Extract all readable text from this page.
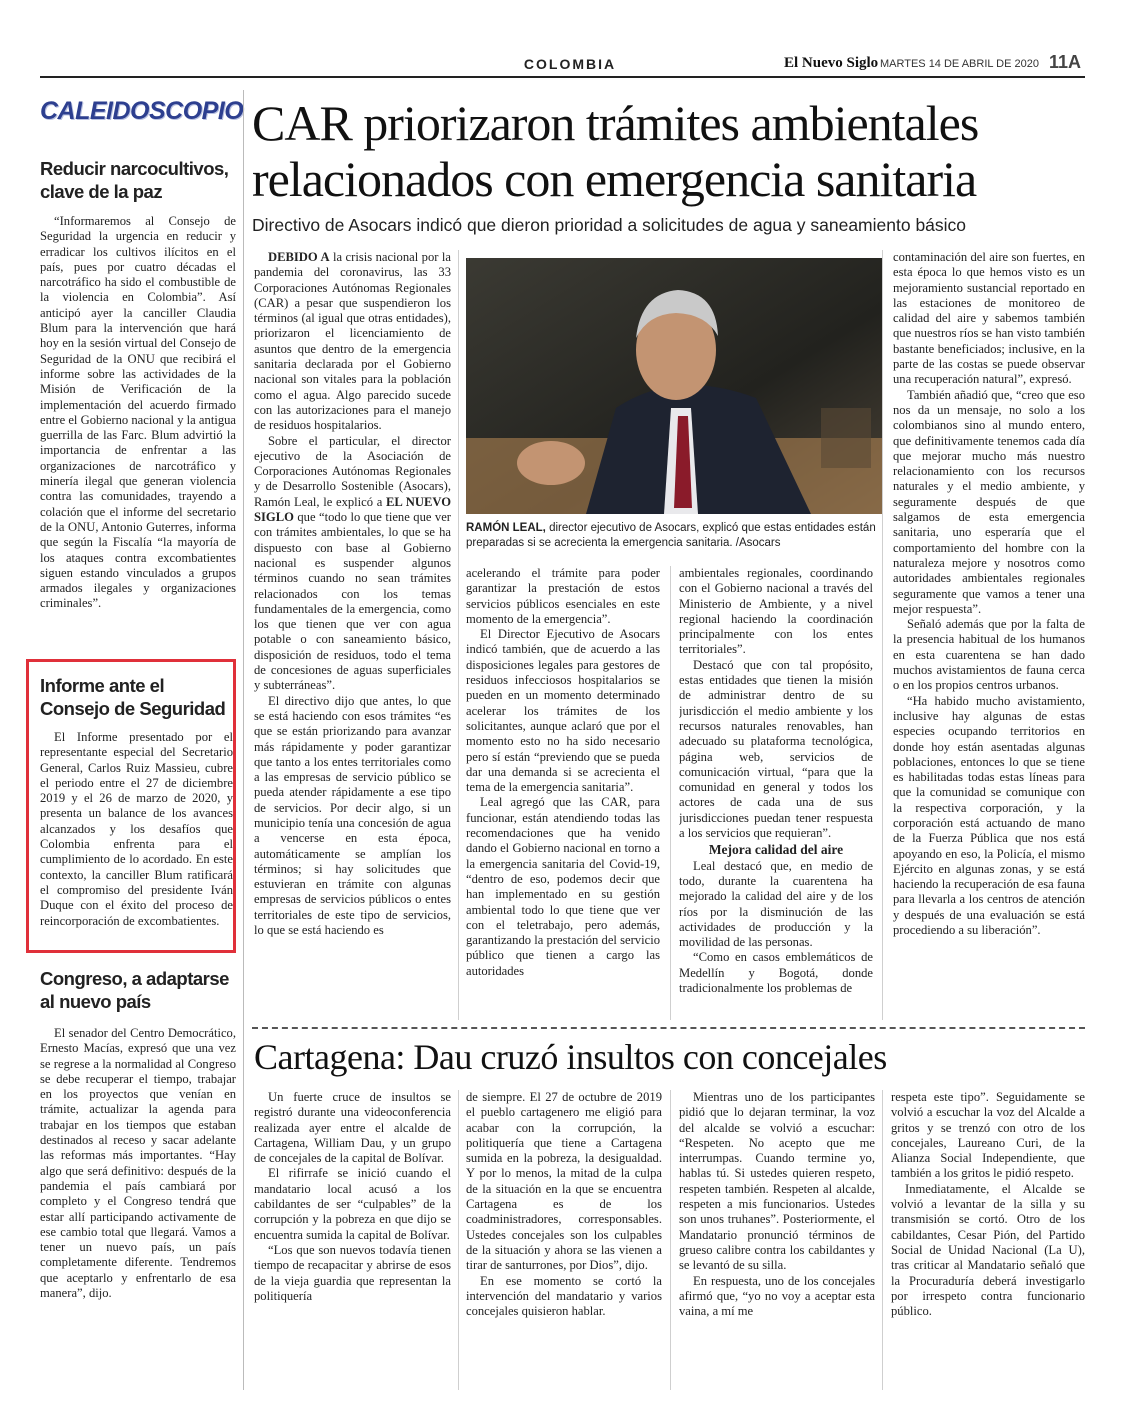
COLOMBIA	El Nuevo Siglo MARTES 14 DE ABRIL DE 2020 11A
CALEIDOSCOPIO
Reducir narcocultivos,
clave de la paz

“Informaremos al Consejo de Seguridad la urgencia en reducir y erradicar los cultivos ilícitos en el país, pues por cuatro décadas el narcotráfico ha sido el combustible de la violencia en Colombia”. Así anticipó ayer la canciller Claudia Blum para la intervención que hará hoy en la sesión virtual del Consejo de Seguridad de la ONU que recibirá el informe sobre las actividades de la Misión de Verificación de la implementación del acuerdo firmado entre el Gobierno nacional y la antigua guerrilla de las Farc. Blum advirtió la importancia de enfrentar a las organizaciones de narcotráfico y minería ilegal que generan violencia contra las comunidades, trayendo a colación que el informe del secretario de la ONU, Antonio Guterres, informa que según la Fiscalía “la mayoría de los ataques contra excombatientes siguen estando vinculados a grupos armados ilegales y organizaciones criminales”.

Informe ante el
Consejo de Seguridad

El Informe presentado por el representante especial del Secretario General, Carlos Ruiz Massieu, cubre el periodo entre el 27 de diciembre 2019 y el 26 de marzo de 2020, y presenta un balance de los avances alcanzados y los desafíos que Colombia enfrenta para el cumplimiento de lo acordado. En este contexto, la canciller Blum ratificará el compromiso del presidente Iván Duque con el éxito del proceso de reincorporación de excombatientes.

Congreso, a adaptarse
al nuevo país

El senador del Centro Democrático, Ernesto Macías, expresó que una vez se regrese a la normalidad al Congreso se debe recuperar el tiempo, trabajar en los proyectos que venían en trámite, actualizar la agenda para trabajar en los tiempos que estaban destinados al receso y sacar adelante las reformas más importantes. “Hay algo que será definitivo: después de la pandemia el país cambiará por completo y el Congreso tendrá que estar allí participando activamente de ese cambio total que llegará. Vamos a tener un nuevo país, un país completamente diferente. Tendremos que aceptarlo y enfrentarlo de esa manera”, dijo.

CAR priorizaron trámites ambientales
relacionados con emergencia sanitaria
Directivo de Asocars indicó que dieron prioridad a solicitudes de agua y saneamiento básico

DEBIDO A la crisis nacional por la pandemia del coronavirus, las 33 Corporaciones Autónomas Regionales (CAR) a pesar que suspendieron los términos (al igual que otras entidades), priorizaron el licenciamiento de asuntos que dentro de la emergencia sanitaria declarada por el Gobierno nacional son vitales para la población como el agua. Algo parecido sucede con las autorizaciones para el manejo de residuos hospitalarios.

Sobre el particular, el director ejecutivo de la Asociación de Corporaciones Autónomas Regionales y de Desarrollo Sostenible (Asocars), Ramón Leal, le explicó a EL NUEVO SIGLO que “todo lo que tiene que ver con trámites ambientales, lo que se ha dispuesto con base al Gobierno nacional es suspender algunos términos cuando no sean trámites relacionados con los temas fundamentales de la emergencia, como los que tienen que ver con agua potable o con saneamiento básico, disposición de residuos, todo el tema de concesiones de aguas superficiales y subterráneas”.

El directivo dijo que antes, lo que se está haciendo con esos trámites “es que se están priorizando para avanzar más rápidamente y poder garantizar que tanto a los entes territoriales como a las empresas de servicio público se pueda atender rápidamente a ese tipo de servicios. Por decir algo, si un municipio tenía una concesión de agua a vencerse en esta época, automáticamente se amplían los términos; si hay solicitudes que estuvieran en trámite con algunas empresas de servicios públicos o entes territoriales de este tipo de servicios, lo que se está haciendo es

RAMÓN LEAL, director ejecutivo de Asocars, explicó que estas entidades están preparadas si se acrecienta la emergencia sanitaria. /Asocars

acelerando el trámite para poder garantizar la prestación de estos servicios públicos esenciales en este momento de la emergencia”.

El Director Ejecutivo de Asocars indicó también, que de acuerdo a las disposiciones legales para gestores de residuos infecciosos hospitalarios se pueden en un momento determinado acelerar los trámites de los solicitantes, aunque aclaró que por el momento esto no ha sido necesario pero sí están “previendo que se pueda dar una demanda si se acrecienta el tema de la emergencia sanitaria”.

Leal agregó que las CAR, para funcionar, están atendiendo todas las recomendaciones que ha venido dando el Gobierno nacional en torno a la emergencia sanitaria del Covid-19, “dentro de eso, podemos decir que han implementado en su gestión ambiental todo lo que tiene que ver con el teletrabajo, pero además, garantizando la prestación del servicio público que tienen a cargo las autoridades

ambientales regionales, coordinando con el Gobierno nacional a través del Ministerio de Ambiente, y a nivel regional haciendo la coordinación principalmente con los entes territoriales”.

Destacó que con tal propósito, estas entidades que tienen la misión de administrar dentro de su jurisdicción el medio ambiente y los recursos naturales renovables, han adecuado su plataforma tecnológica, página web, servicios de comunicación virtual, “para que la comunidad en general y todos los actores de cada una de sus jurisdicciones puedan tener respuesta a los servicios que requieran”.

Mejora calidad del aire

Leal destacó que, en medio de todo, durante la cuarentena ha mejorado la calidad del aire y de los ríos por la disminución de las actividades de producción y la movilidad de las personas.

“Como en casos emblemáticos de Medellín y Bogotá, donde tradicionalmente los problemas de

contaminación del aire son fuertes, en esta época lo que hemos visto es un mejoramiento sustancial reportado en las estaciones de monitoreo de calidad del aire y sabemos también que nuestros ríos se han visto también bastante beneficiados; inclusive, en la parte de las costas se puede observar una recuperación natural”, expresó.

También añadió que, “creo que eso nos da un mensaje, no solo a los colombianos sino al mundo entero, que definitivamente tenemos cada día que mejorar mucho más nuestro relacionamiento con los recursos naturales y el medio ambiente, y seguramente después de que salgamos de esta emergencia sanitaria, uno esperaría que el comportamiento del hombre con la naturaleza mejore y nosotros como autoridades ambientales regionales seguramente que vamos a tener una mejor respuesta”.

Señaló además que por la falta de la presencia habitual de los humanos en esta cuarentena se han dado muchos avistamientos de fauna cerca o en los propios centros urbanos.

“Ha habido mucho avistamiento, inclusive hay algunas de estas especies ocupando territorios en donde hoy están asentadas algunas poblaciones, entonces lo que se tiene es habilitadas todas estas líneas para que la comunidad se comunique con la respectiva corporación, y la corporación está actuando de mano de la Fuerza Pública que nos está apoyando en eso, la Policía, el mismo Ejército en algunas zonas, y se está haciendo la recuperación de esa fauna para llevarla a los centros de atención y después de una evaluación se está procediendo a su liberación”.

Cartagena: Dau cruzó insultos con concejales

Un fuerte cruce de insultos se registró durante una videoconferencia realizada ayer entre el alcalde de Cartagena, William Dau, y un grupo de concejales de la capital de Bolívar.

El rifirrafe se inició cuando el mandatario local acusó a los cabildantes de ser “culpables” de la corrupción y la pobreza en que dijo se encuentra sumida la capital de Bolívar.

“Los que son nuevos todavía tienen tiempo de recapacitar y abrirse de esos de la vieja guardia que representan la politiquería

de siempre. El 27 de octubre de 2019 el pueblo cartagenero me eligió para acabar con la corrupción, la politiquería que tiene a Cartagena sumida en la pobreza, la desigualdad. Y por lo menos, la mitad de la culpa de la situación en la que se encuentra Cartagena es de los coadministradores, corresponsables. Ustedes concejales son los culpables de la situación y ahora se las vienen a tirar de santurrones, por Dios”, dijo.

En ese momento se cortó la intervención del mandatario y varios concejales quisieron hablar.

Mientras uno de los participantes pidió que lo dejaran terminar, la voz del alcalde se volvió a escuchar: “Respeten. No acepto que me interrumpas. Cuando termine yo, hablas tú. Si ustedes quieren respeto, respeten también. Respeten al alcalde, respeten a mis funcionarios. Ustedes son unos truhanes”. Posteriormente, el Mandatario pronunció términos de grueso calibre contra los cabildantes y se levantó de su silla.

En respuesta, uno de los concejales afirmó que, “yo no voy a aceptar esta vaina, a mí me

respeta este tipo”. Seguidamente se volvió a escuchar la voz del Alcalde a gritos y se trenzó con otro de los concejales, Laureano Curi, de la Alianza Social Independiente, que también a los gritos le pidió respeto.

Inmediatamente, el Alcalde se volvió a levantar de la silla y su transmisión se cortó. Otro de los cabildantes, Cesar Pión, del Partido Social de Unidad Nacional (La U), tras criticar al Mandatario señaló que la Procuraduría deberá investigarlo por irrespeto contra funcionario público.
